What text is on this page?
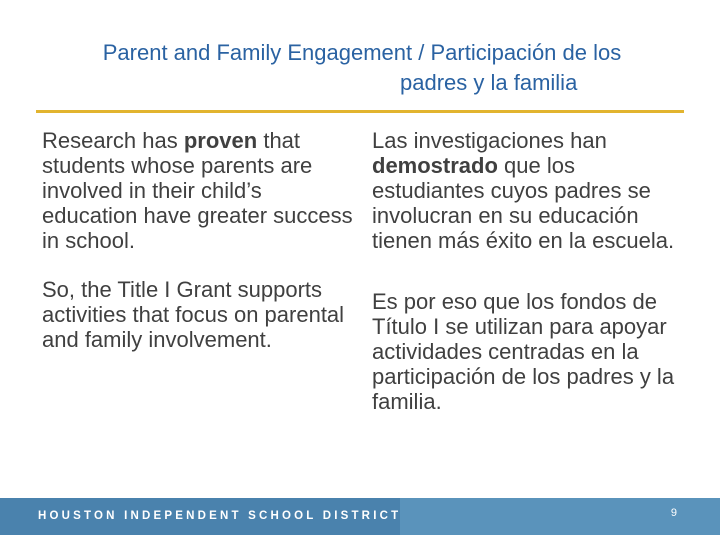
Parent and Family Engagement / Participación de los
padres y la familia

Research has proven that students whose parents are involved in their child’s education have greater success in school.

So, the Title I Grant supports activities that focus on parental and family involvement.

Las investigaciones han demostrado que los estudiantes cuyos padres se involucran en su educación tienen más éxito en la escuela.

Es por eso que los fondos de Título I se utilizan para apoyar actividades centradas en la participación de los padres y la familia.

HOUSTON INDEPENDENT SCHOOL DISTRICT	9
